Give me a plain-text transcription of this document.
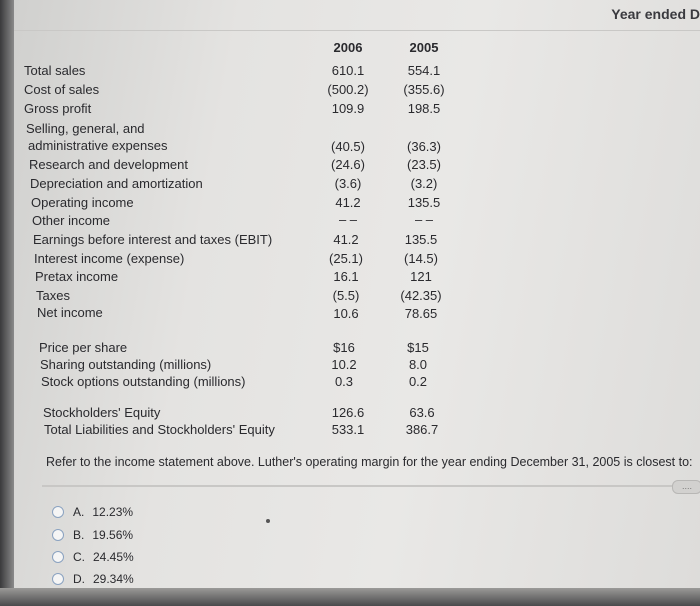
Year ended D
2006	2005
Total sales	610.1	554.1
Cost of sales	(500.2)	(355.6)
Gross profit	109.9	198.5
Selling, general, and
administrative expenses	(40.5)	(36.3)
Research and development	(24.6)	(23.5)
Depreciation and amortization	(3.6)	(3.2)
Operating income	41.2	135.5
Other income	– –	– –
Earnings before interest and taxes (EBIT)	41.2	135.5
Interest income (expense)	(25.1)	(14.5)
Pretax income	16.1	121
Taxes	(5.5)	(42.35)
Net income	10.6	78.65
Price per share	$16	$15
Sharing outstanding (millions)	10.2	8.0
Stock options outstanding (millions)	0.3	0.2
Stockholders' Equity	126.6	63.6
Total Liabilities and Stockholders' Equity	533.1	386.7
Refer to the income statement above. Luther's operating margin for the year ending December 31, 2005 is closest to:
....
A. 12.23%
B. 19.56%
C. 24.45%
D. 29.34%
